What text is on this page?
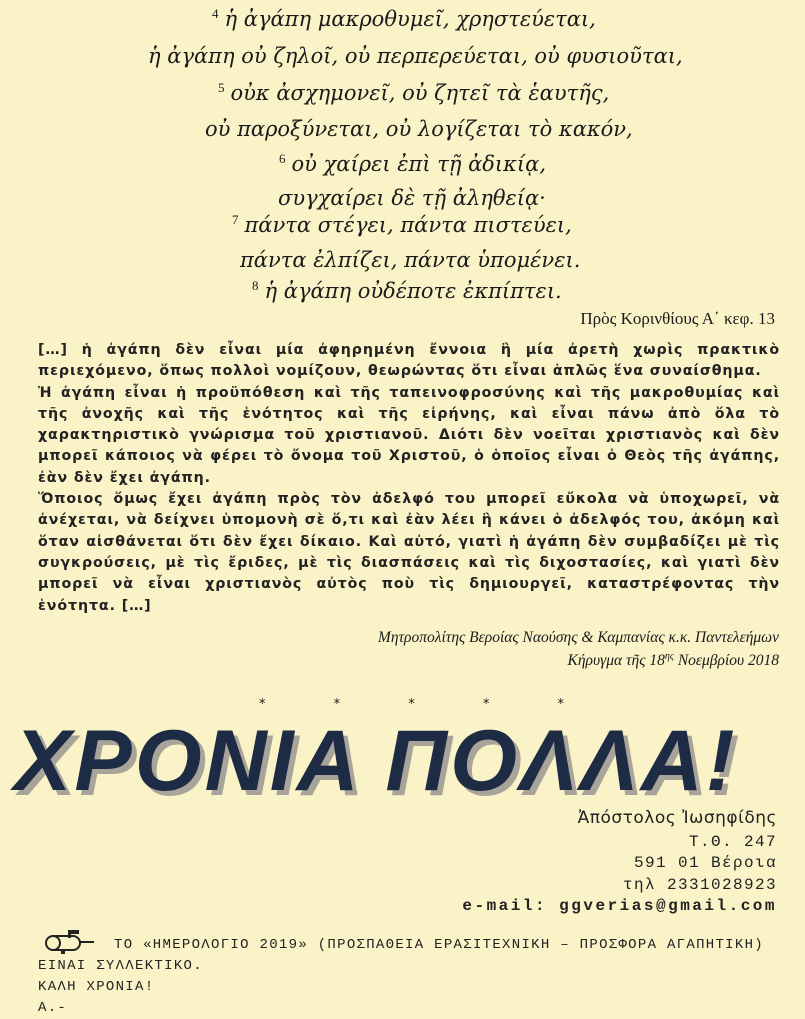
$^4$ ἡ ἀγάπη μακροθυμεῖ, χρηστεύεται,
ἡ ἀγάπη οὐ ζηλοῖ, οὐ περπερεύεται, οὐ φυσιοῦται,
$^5$ οὐκ ἀσχημονεῖ, οὐ ζητεῖ τὰ ἑαυτῆς,
οὐ παροξύνεται, οὐ λογίζεται τὸ κακόν,
$^6$ οὐ χαίρει ἐπὶ τῇ ἀδικίᾳ,
συγχαίρει δὲ τῇ ἀληθείᾳ·
$^7$ πάντα στέγει, πάντα πιστεύει,
πάντα ἐλπίζει, πάντα ὑπομένει.
$^8$ ἡ ἀγάπη οὐδέποτε ἐκπίπτει.
Πρὸς Κορινθίους Α΄ κεφ. 13

[…] ἡ ἀγάπη δὲν εἶναι μία ἀφηρημένη ἔννοια ἢ μία ἀρετὴ χωρὶς πρακτικὸ περιεχόμενο, ὅπως πολλοὶ νομίζουν, θεωρώντας ὅτι εἶναι ἁπλῶς ἕνα συναίσθημα.

Ἡ ἀγάπη εἶναι ἡ προϋπόθεση καὶ τῆς ταπεινοφροσύνης καὶ τῆς μακροθυμίας καὶ τῆς ἀνοχῆς καὶ τῆς ἑνότητος καὶ τῆς εἰρήνης, καὶ εἶναι πάνω ἀπὸ ὅλα τὸ χαρακτηριστικὸ γνώρισμα τοῦ χριστιανοῦ. Διότι δὲν νοεῖται χριστιανὸς καὶ δὲν μπορεῖ κάποιος νὰ φέρει τὸ ὄνομα τοῦ Χριστοῦ, ὁ ὁποῖος εἶναι ὁ Θεὸς τῆς ἀγάπης, ἐὰν δὲν ἔχει ἀγάπη.

Ὅποιος ὅμως ἔχει ἀγάπη πρὸς τὸν ἀδελφό του μπορεῖ εὔκολα νὰ ὑποχωρεῖ, νὰ ἀνέχεται, νὰ δείχνει ὑπομονὴ σὲ ὅ,τι καὶ ἐὰν λέει ἢ κάνει ὁ ἀδελφός του, ἀκόμη καὶ ὅταν αἰσθάνεται ὅτι δὲν ἔχει δίκαιο. Καὶ αὐτό, γιατὶ ἡ ἀγάπη δὲν συμβαδίζει μὲ τὶς συγκρούσεις, μὲ τὶς ἔριδες, μὲ τὶς διασπάσεις καὶ τὶς διχοστασίες, καὶ γιατὶ δὲν μπορεῖ νὰ εἶναι χριστιανὸς αὐτὸς ποὺ τὶς δημιουργεῖ, καταστρέφοντας τὴν ἑνότητα. […]

Μητροπολίτης Βεροίας Ναούσης & Καμπανίας κ.κ. Παντελεήμων
Κήρυγμα τῆς $18^{\eta\varsigma}$ Νοεμβρίου 2018
* * * * *
ΧΡΟΝΙΑ ΠΟΛΛΑ!
Ἀπόστολος Ἰωσηφίδης
Τ.Θ. 247
591 01 Βέροια
τηλ 2331028923
e-mail: ggverias@gmail.com
ΤΟ «ΗΜΕΡΟΛΟΓΙΟ 2019» (ΠΡΟΣΠΑΘΕΙΑ ΕΡΑΣΙΤΕΧΝΙΚΗ – ΠΡΟΣΦΟΡΑ ΑΓΑΠΗΤΙΚΗ) ΕΙΝΑΙ ΣΥΛΛΕΚΤΙΚΟ.
ΚΑΛΗ ΧΡΟΝΙΑ!
Α.-
